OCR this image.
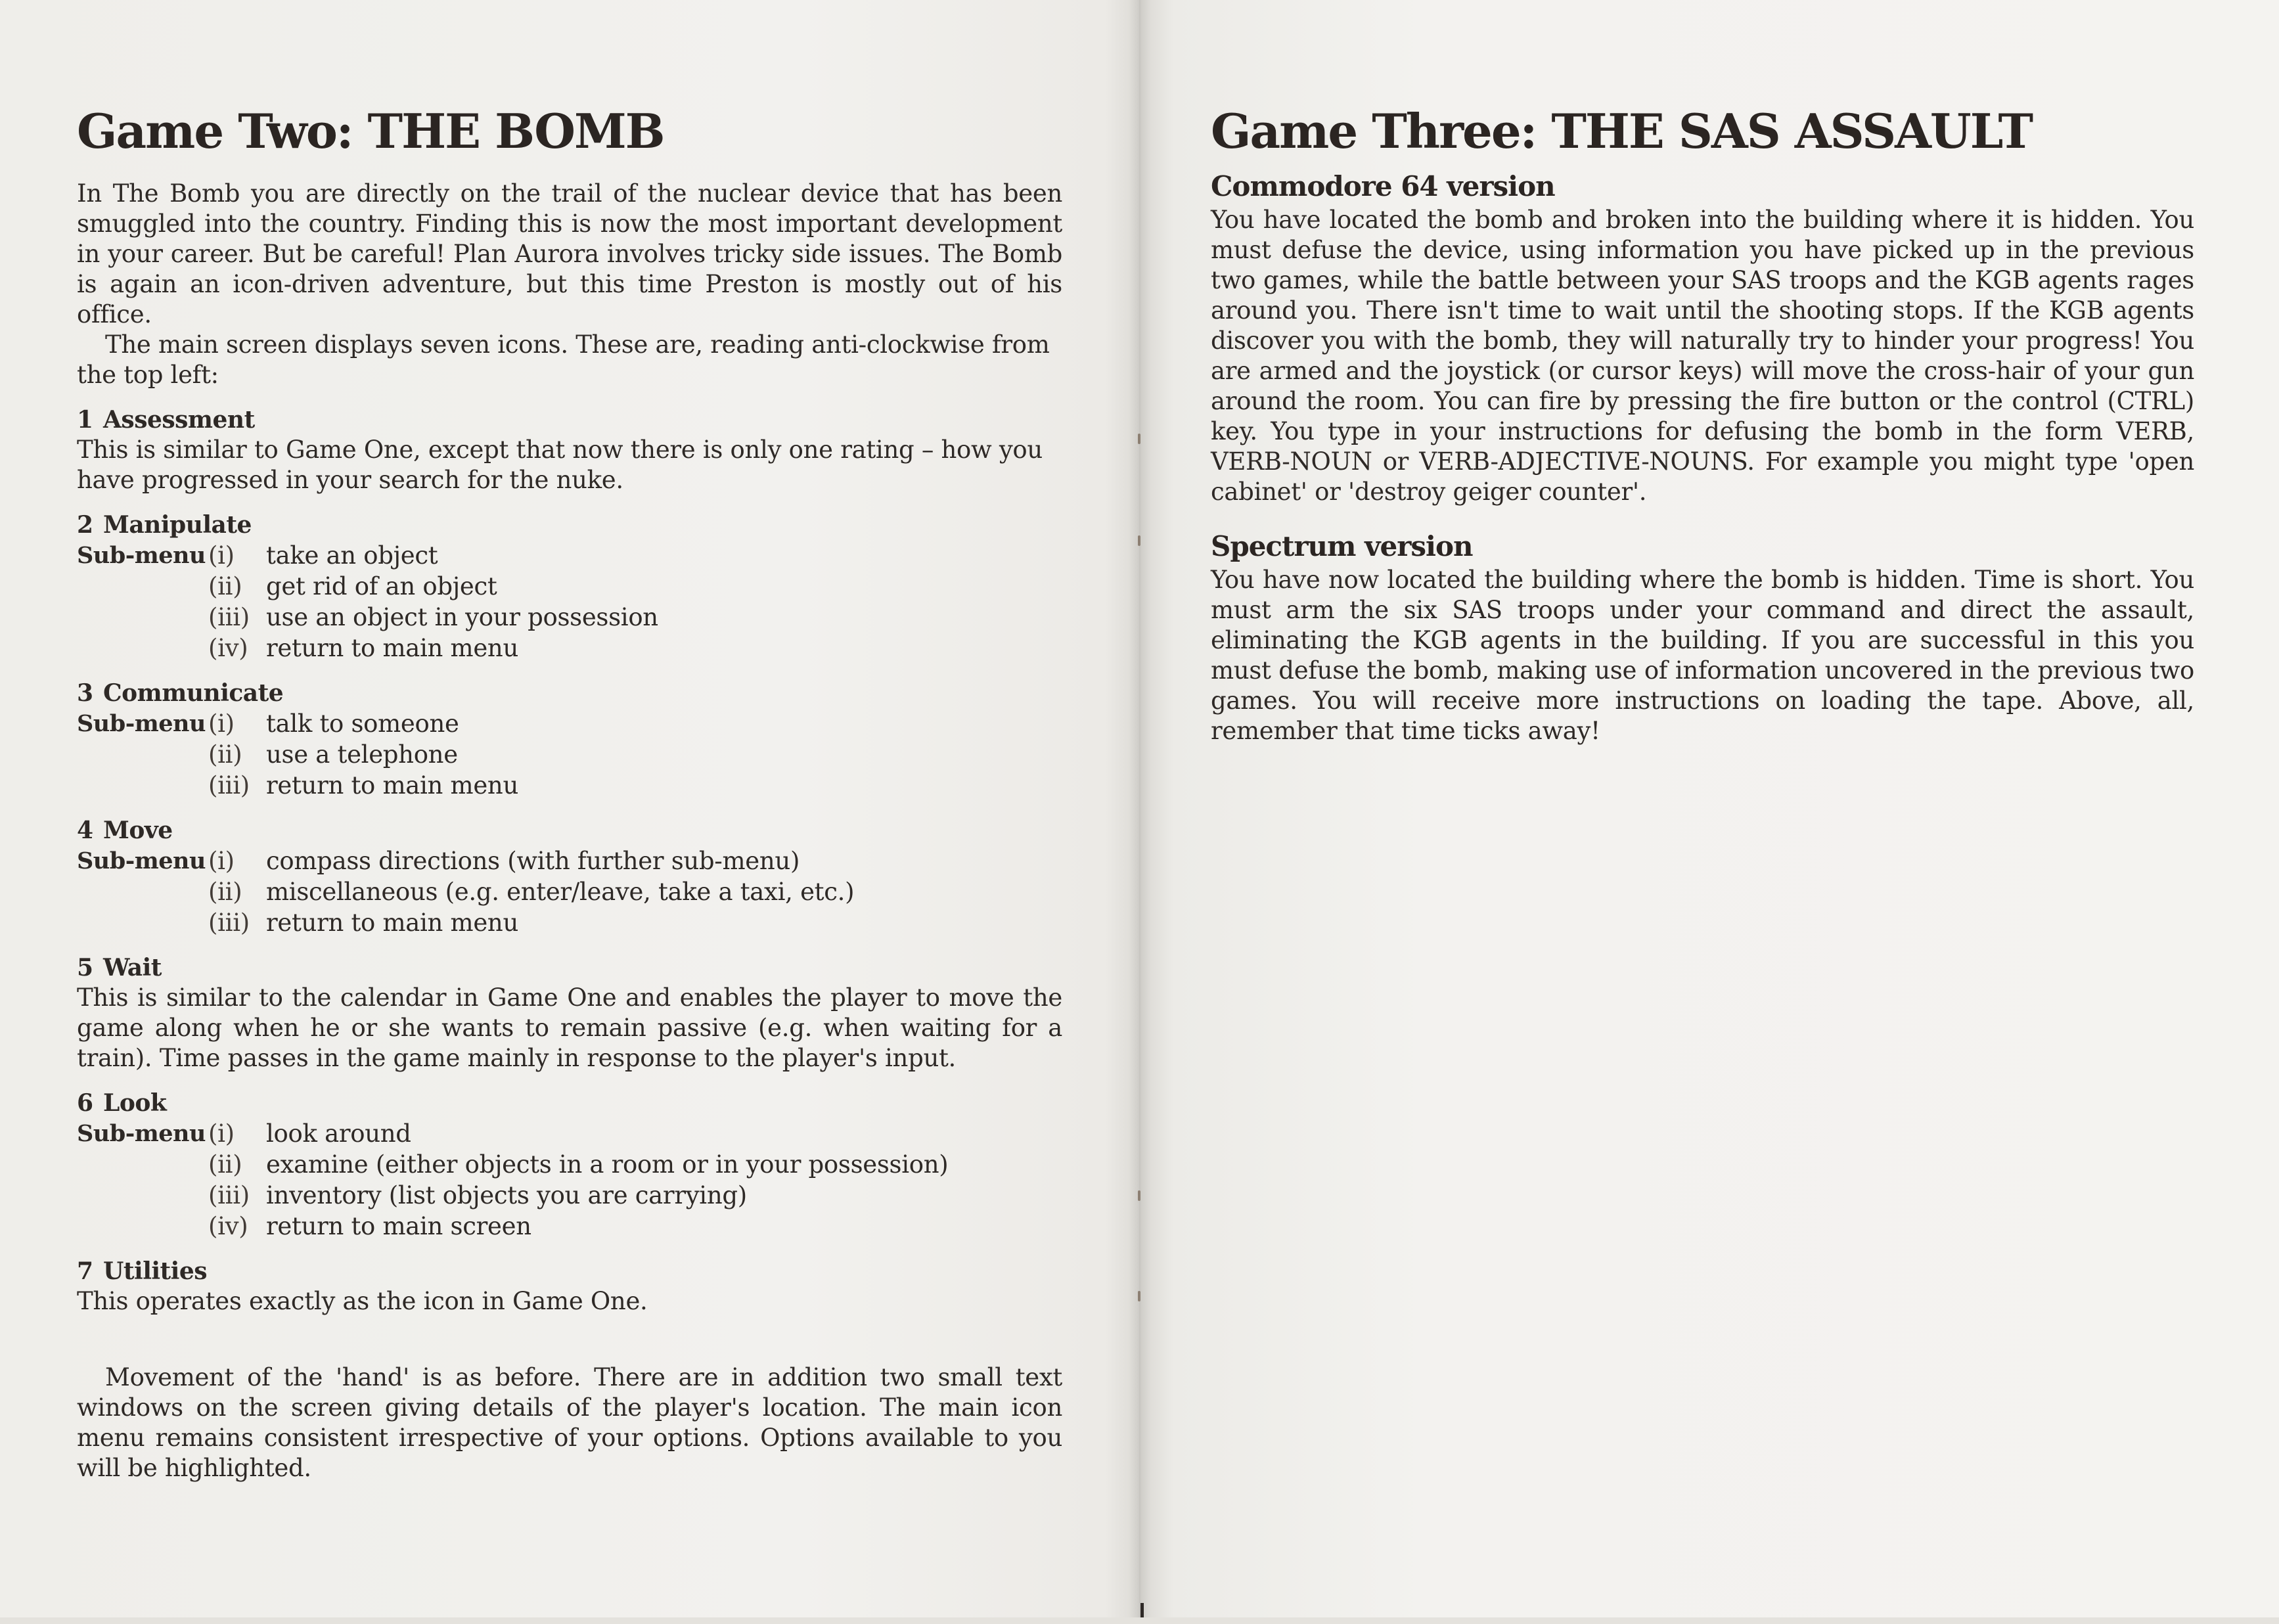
Game Two: THE BOMB

In The Bomb you are directly on the trail of the nuclear device that has been smuggled into the country. Finding this is now the most important development in your career. But be careful! Plan Aurora involves tricky side issues. The Bomb is again an icon-driven adventure, but this time Preston is mostly out of his office.

The main screen displays seven icons. These are, reading anti-clockwise from the top left:

1 Assessment

This is similar to Game One, except that now there is only one rating – how you have progressed in your search for the nuke.

2 Manipulate
Sub-menu (i)	take an object
(ii) get rid of an object
(iii) use an object in your possession
(iv) return to main menu
3 Communicate
Sub-menu (i)	talk to someone
(ii) use a telephone
(iii) return to main menu
4 Move
Sub-menu (i)	compass directions (with further sub-menu)
(ii) miscellaneous (e.g. enter/leave, take a taxi, etc.)
(iii) return to main menu
5 Wait

This is similar to the calendar in Game One and enables the player to move the game along when he or she wants to remain passive (e.g. when waiting for a train). Time passes in the game mainly in response to the player's input.

6 Look
Sub-menu (i)	look around
(ii) examine (either objects in a room or in your possession)
(iii) inventory (list objects you are carrying)
(iv) return to main screen
7 Utilities

This operates exactly as the icon in Game One.

Movement of the 'hand' is as before. There are in addition two small text windows on the screen giving details of the player's location. The main icon menu remains consistent irrespective of your options. Options available to you will be highlighted.

Game Three: THE SAS ASSAULT
Commodore 64 version

You have located the bomb and broken into the building where it is hidden. You must defuse the device, using information you have picked up in the previous two games, while the battle between your SAS troops and the KGB agents rages around you. There isn't time to wait until the shooting stops. If the KGB agents discover you with the bomb, they will naturally try to hinder your progress! You are armed and the joystick (or cursor keys) will move the cross-hair of your gun around the room. You can fire by pressing the fire button or the control (CTRL) key. You type in your instructions for defusing the bomb in the form VERB, VERB-NOUN or VERB-ADJECTIVE-NOUNS. For example you might type 'open cabinet' or 'destroy geiger counter'.

Spectrum version

You have now located the building where the bomb is hidden. Time is short. You must arm the six SAS troops under your command and direct the assault, eliminating the KGB agents in the building. If you are successful in this you must defuse the bomb, making use of information uncovered in the previous two games. You will receive more instructions on loading the tape. Above, all, remember that time ticks away!
